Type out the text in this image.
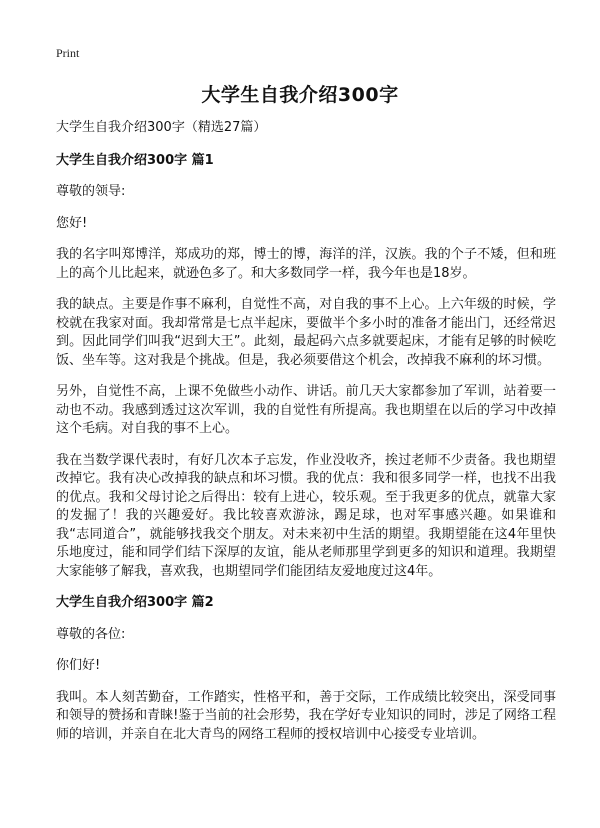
Print
大学生自我介绍300字

大学生自我介绍300字（精选27篇）

大学生自我介绍300字 篇1

尊敬的领导:

您好!

我的名字叫郑博洋，郑成功的郑，博士的博，海洋的洋，汉族。我的个子不矮，但和班上的高个儿比起来，就逊色多了。和大多数同学一样，我今年也是18岁。

我的缺点。主要是作事不麻利，自觉性不高，对自我的事不上心。上六年级的时候，学校就在我家对面。我却常常是七点半起床，要做半个多小时的准备才能出门，还经常迟到。因此同学们叫我“迟到大王”。此刻，最起码六点多就要起床，才能有足够的时候吃饭、坐车等。这对我是个挑战。但是，我必须要借这个机会，改掉我不麻利的坏习惯。

另外，自觉性不高，上课不免做些小动作、讲话。前几天大家都参加了军训，站着要一动也不动。我感到透过这次军训，我的自觉性有所提高。我也期望在以后的学习中改掉这个毛病。对自我的事不上心。

我在当数学课代表时，有好几次本子忘发，作业没收齐，挨过老师不少责备。我也期望改掉它。我有决心改掉我的缺点和坏习惯。我的优点：我和很多同学一样，也找不出我的优点。我和父母讨论之后得出：较有上进心，较乐观。至于我更多的优点，就靠大家的发掘了！我的兴趣爱好。我比较喜欢游泳，踢足球，也对军事感兴趣。如果谁和我“志同道合”，就能够找我交个朋友。对未来初中生活的期望。我期望能在这4年里快乐地度过，能和同学们结下深厚的友谊，能从老师那里学到更多的知识和道理。我期望大家能够了解我，喜欢我，也期望同学们能团结友爱地度过这4年。

大学生自我介绍300字 篇2

尊敬的各位:

你们好!

我叫。本人刻苦勤奋，工作踏实，性格平和，善于交际，工作成绩比较突出，深受同事和领导的赞扬和青睐!鉴于当前的社会形势，我在学好专业知识的同时，涉足了网络工程师的培训，并亲自在北大青鸟的网络工程师的授权培训中心接受专业培训。
